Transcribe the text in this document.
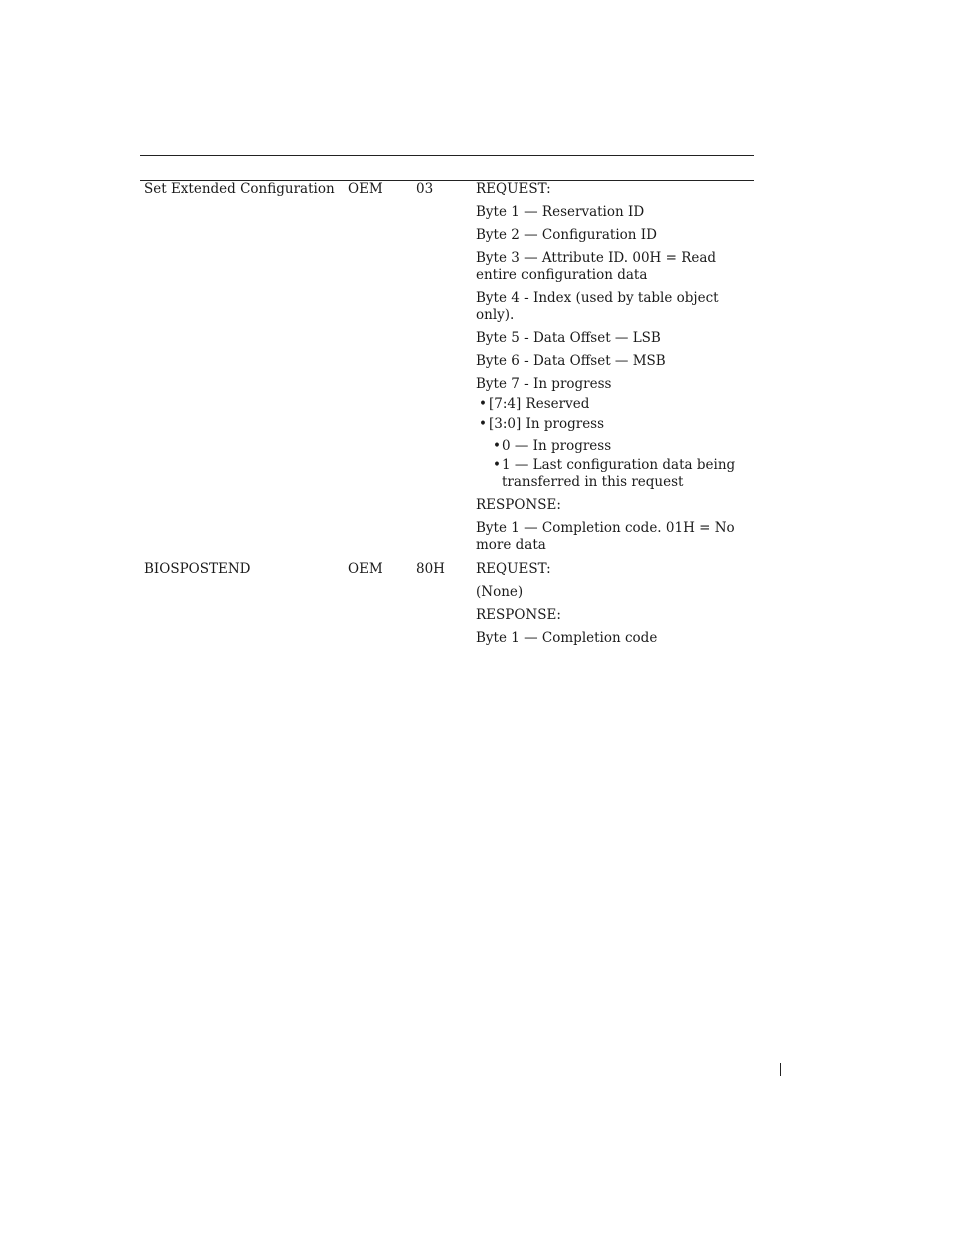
Set Extended Configuration OEM 03	REQUEST:
Byte 1 — Reservation ID
Byte 2 — Configuration ID
Byte 3 — Attribute ID. 00H = Read
entire configuration data
Byte 4 - Index (used by table object only).
Byte 5 - Data Offset — LSB
Byte 6 - Data Offset — MSB
Byte 7 - In progress
• [7:4] Reserved
• [3:0] In progress
• 0 — In progress
• 1 — Last configuration data being transferred in this request
RESPONSE:
Byte 1 — Completion code. 01H = No more data
BIOSPOSTEND	OEM 80H REQUEST:
(None)
RESPONSE:
Byte 1 — Completion code
